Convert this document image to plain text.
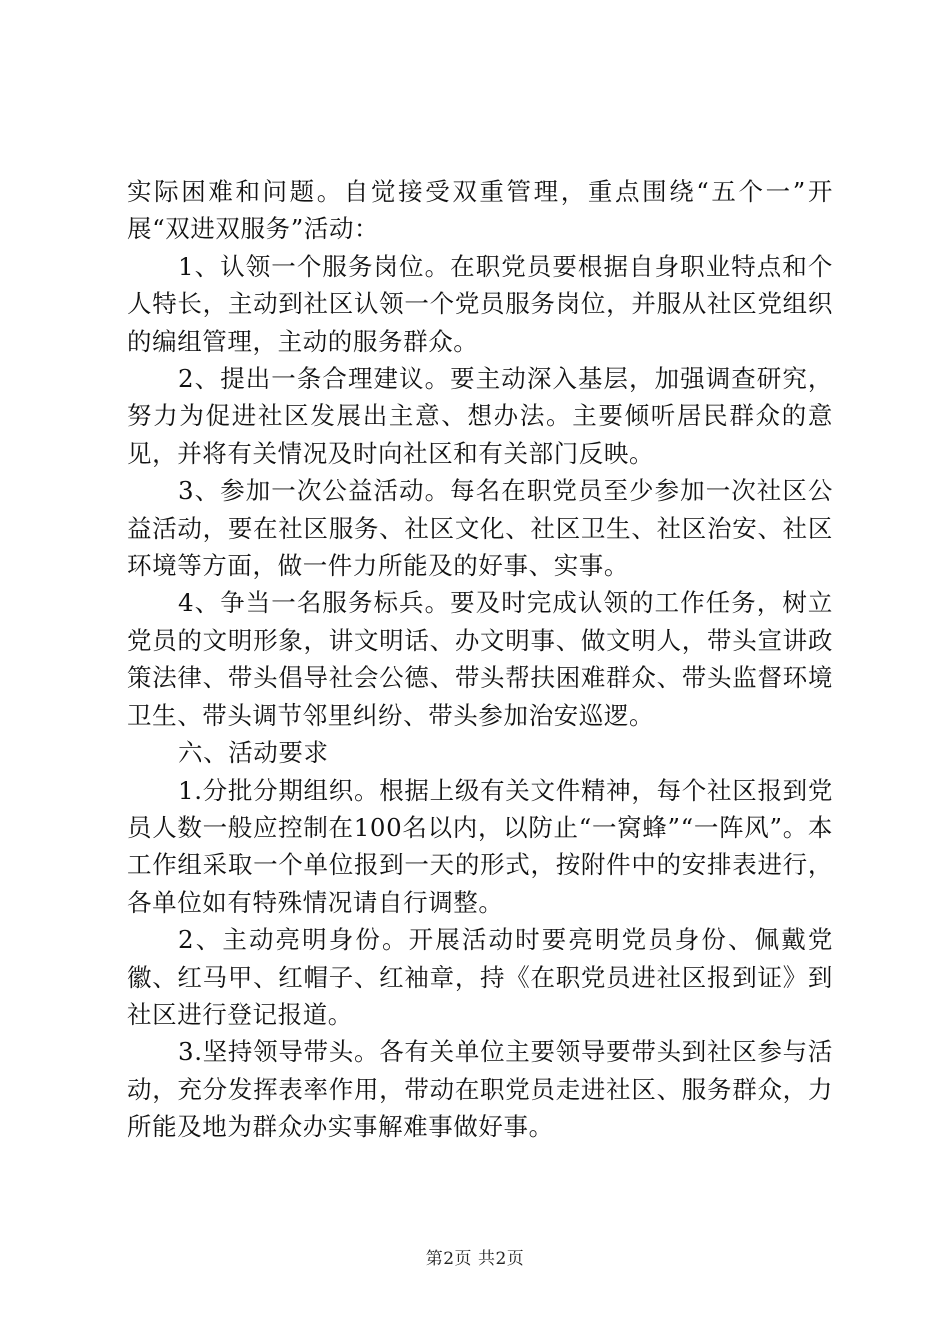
实际困难和问题。自觉接受双重管理，重点围绕“五个一”开展“双进双服务”活动：

1、认领一个服务岗位。在职党员要根据自身职业特点和个人特长，主动到社区认领一个党员服务岗位，并服从社区党组织的编组管理，主动的服务群众。

2、提出一条合理建议。要主动深入基层，加强调查研究，努力为促进社区发展出主意、想办法。主要倾听居民群众的意见，并将有关情况及时向社区和有关部门反映。

3、参加一次公益活动。每名在职党员至少参加一次社区公益活动，要在社区服务、社区文化、社区卫生、社区治安、社区环境等方面，做一件力所能及的好事、实事。

4、争当一名服务标兵。要及时完成认领的工作任务，树立党员的文明形象，讲文明话、办文明事、做文明人，带头宣讲政策法律、带头倡导社会公德、带头帮扶困难群众、带头监督环境卫生、带头调节邻里纠纷、带头参加治安巡逻。

六、活动要求

1.分批分期组织。根据上级有关文件精神，每个社区报到党员人数一般应控制在100名以内，以防止“一窝蜂”“一阵风”。本工作组采取一个单位报到一天的形式，按附件中的安排表进行，各单位如有特殊情况请自行调整。

2、主动亮明身份。开展活动时要亮明党员身份、佩戴党徽、红马甲、红帽子、红袖章，持《在职党员进社区报到证》到社区进行登记报道。

3.坚持领导带头。各有关单位主要领导要带头到社区参与活动，充分发挥表率作用，带动在职党员走进社区、服务群众，力所能及地为群众办实事解难事做好事。

第2页 共2页
